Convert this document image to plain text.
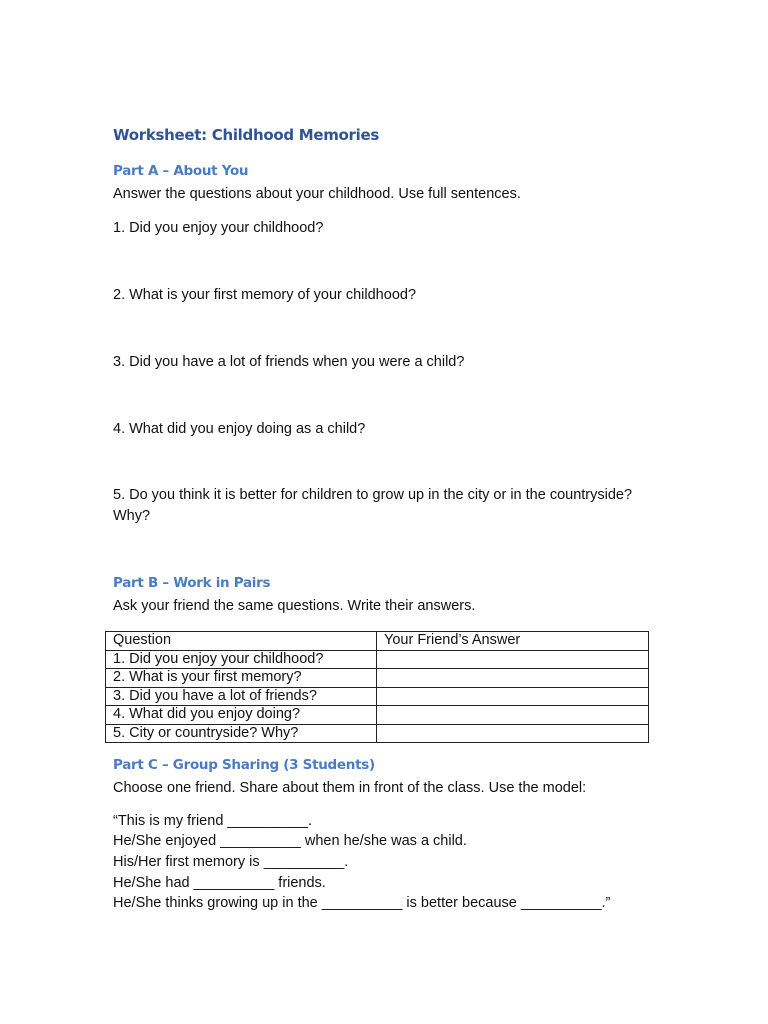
Worksheet: Childhood Memories
Part A – About You
Answer the questions about your childhood. Use full sentences.
1. Did you enjoy your childhood?
2. What is your first memory of your childhood?
3. Did you have a lot of friends when you were a child?
4. What did you enjoy doing as a child?
5. Do you think it is better for children to grow up in the city or in the countryside?
Why?
Part B – Work in Pairs
Ask your friend the same questions. Write their answers.
Question	Your Friend’s Answer
1. Did you enjoy your childhood?	
2. What is your first memory?	
3. Did you have a lot of friends?	
4. What did you enjoy doing?	
5. City or countryside? Why?	
Part C – Group Sharing (3 Students)
Choose one friend. Share about them in front of the class. Use the model:
“This is my friend __________.
He/She enjoyed __________ when he/she was a child.
His/Her first memory is __________.
He/She had __________ friends.
He/She thinks growing up in the __________ is better because __________.”
